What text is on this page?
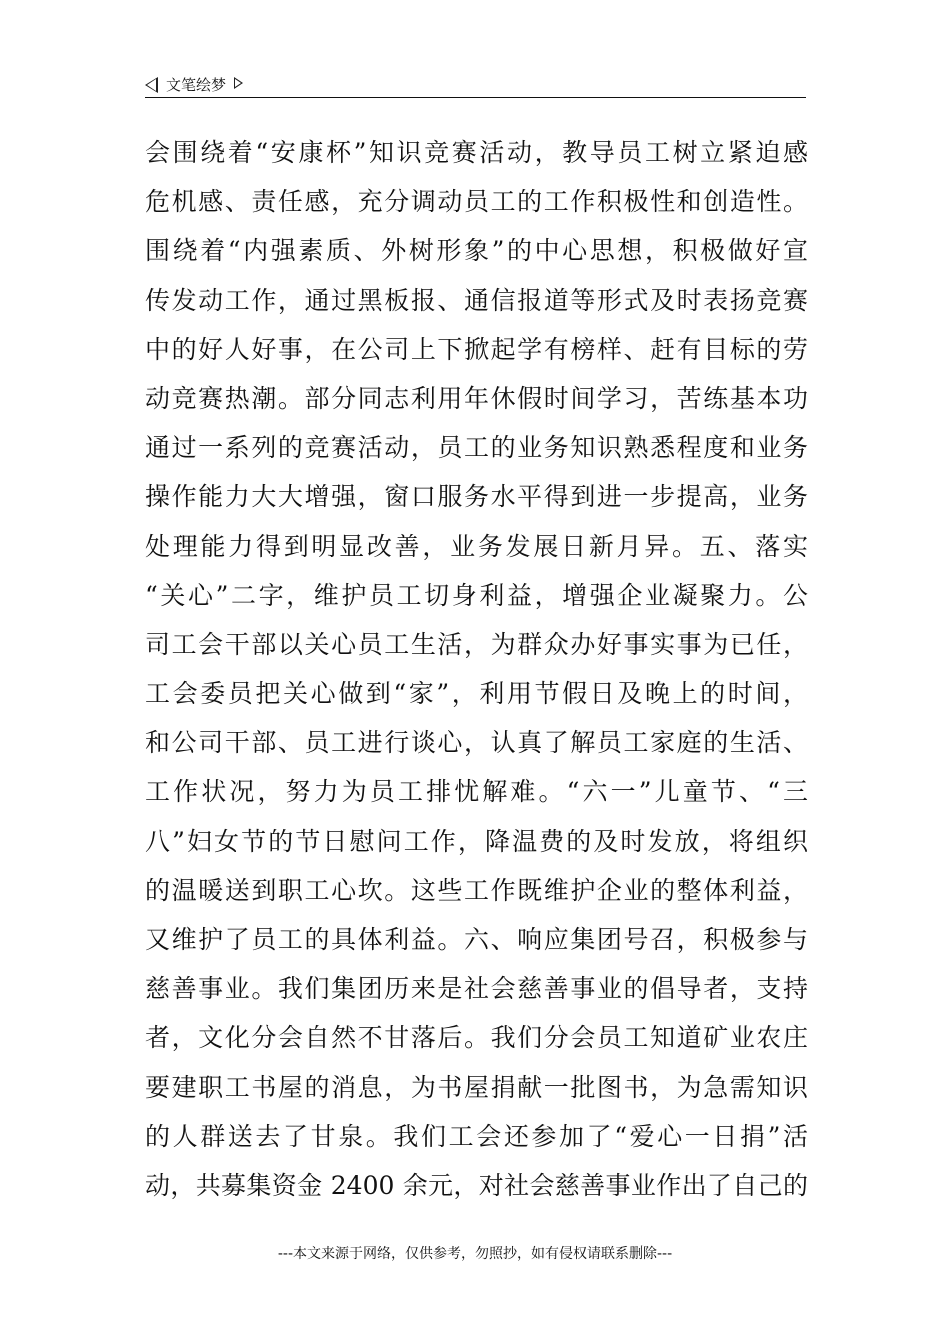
文笔绘梦
会围绕着“安康杯”知识竞赛活动，教导员工树立紧迫感
危机感、责任感，充分调动员工的工作积极性和创造性。
围绕着“内强素质、外树形象”的中心思想，积极做好宣
传发动工作，通过黑板报、通信报道等形式及时表扬竞赛
中的好人好事，在公司上下掀起学有榜样、赶有目标的劳
动竞赛热潮。部分同志利用年休假时间学习，苦练基本功
通过一系列的竞赛活动，员工的业务知识熟悉程度和业务
操作能力大大增强，窗口服务水平得到进一步提高，业务
处理能力得到明显改善，业务发展日新月异。五、落实
“关心”二字，维护员工切身利益，增强企业凝聚力。公
司工会干部以关心员工生活，为群众办好事实事为已任，
工会委员把关心做到“家”，利用节假日及晚上的时间，
和公司干部、员工进行谈心，认真了解员工家庭的生活、
工作状况，努力为员工排忧解难。“六一”儿童节、“三
八”妇女节的节日慰问工作，降温费的及时发放，将组织
的温暖送到职工心坎。这些工作既维护企业的整体利益，
又维护了员工的具体利益。六、响应集团号召，积极参与
慈善事业。我们集团历来是社会慈善事业的倡导者，支持
者，文化分会自然不甘落后。我们分会员工知道矿业农庄
要建职工书屋的消息，为书屋捐献一批图书，为急需知识
的人群送去了甘泉。我们工会还参加了“爱心一日捐”活
动，共募集资金 2400 余元，对社会慈善事业作出了自己的
---本文来源于网络，仅供参考，勿照抄，如有侵权请联系删除---
